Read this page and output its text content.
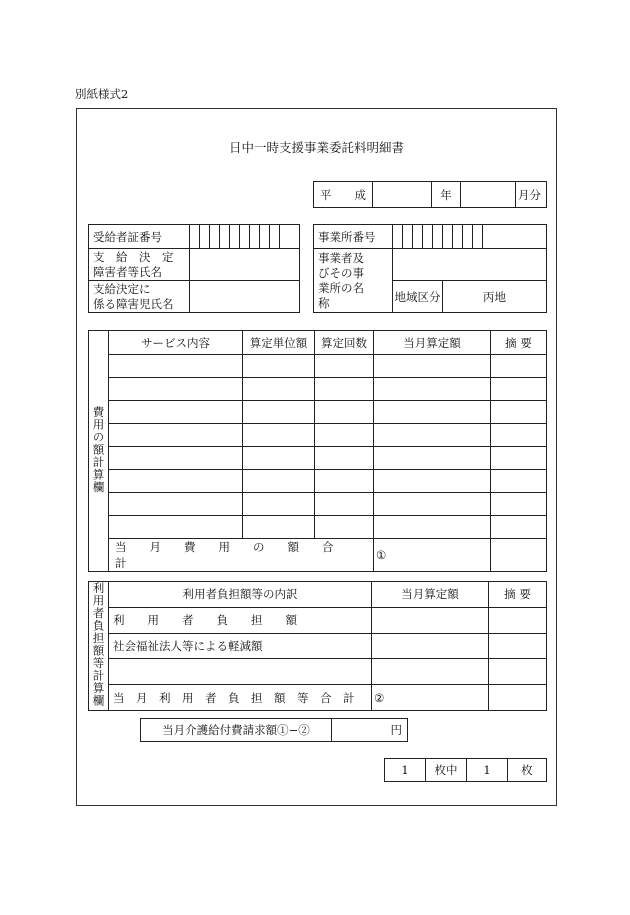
別紙様式2
日中一時支援事業委託料明細書
平　　成		年		月分
受給者証番号										

支　給　決　定
障害者等氏名										

支給決定に
係る障害児氏名										

事業所番号										

事業者及
びその事
業所の名
称										

	地域区分					丙地				
費用の額計算欄	サービス内容	算定単位額	算定回数	当月算定額	摘 要

	当　　月　　費　　用　　の　　額　　合　　計			①	
利用者負担額等計算欄	利用者負担額等の内訳	当月算定額	摘 要
	利　　用　　者　　負　　担　　額		
	社会福祉法人等による軽減額		

	当　月　利　用　者　負　担　額　等　合　計	②	
当月介護給付費請求額①−②	円
1	枚中	1	枚
